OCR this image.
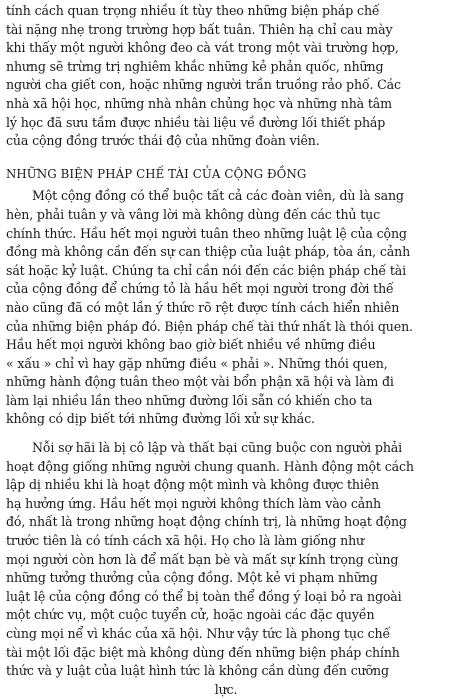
tính cách quan trọng nhiều ít tùy theo những biện pháp chế
tài nặng nhẹ trong trường hợp bất tuân. Thiên hạ chỉ cau mày
khi thấy một người không đeo cà vát trong một vài trường hợp,
nhưng sẽ trừng trị nghiêm khắc những kẻ phản quốc, những
người cha giết con, hoặc những người trần truồng rảo phố. Các
nhà xã hội học, những nhà nhân chủng học và những nhà tâm
lý học đã sưu tầm được nhiều tài liệu về đường lối thiết pháp
của cộng đồng trước thái độ của những đoàn viên.
NHỮNG BIỆN PHÁP CHẾ TÀI CỦA CỘNG ĐỒNG
Một cộng đồng có thể buộc tất cả các đoàn viên, dù là sang
hèn, phải tuân y và vâng lời mà không dùng đến các thủ tục
chính thức. Hầu hết mọi người tuân theo những luật lệ của cộng
đồng mà không cần đến sự can thiệp của luật pháp, tòa án, cảnh
sát hoặc kỷ luật. Chúng ta chỉ cần nói đến các biện pháp chế tài
của cộng đồng để chứng tỏ là hầu hết mọi người trong đời thế
nào cũng đã có một lần ý thức rõ rệt được tính cách hiển nhiên
của những biện pháp đó. Biện pháp chế tài thứ nhất là thói quen.
Hầu hết mọi người không bao giờ biết nhiều về những điều
« xấu » chỉ vì hay gặp những điều « phải ». Những thói quen,
những hành động tuân theo một vài bổn phận xã hội và làm đi
làm lại nhiều lần theo những đường lối sẵn có khiến cho ta
không có dịp biết tới những đường lối xử sự khác.
Nỗi sợ hãi là bị cô lập và thất bại cũng buộc con người phải
hoạt động giống những người chung quanh. Hành động một cách
lập dị nhiều khi là hoạt động một mình và không được thiên
hạ hưởng ứng. Hầu hết mọi người không thích làm vào cảnh
đó, nhất là trong những hoạt động chính trị, là những hoạt động
trước tiên là có tính cách xã hội. Họ cho là làm giống như
mọi người còn hơn là để mất bạn bè và mất sự kính trọng cùng
những tưởng thưởng của cộng đồng. Một kẻ vi phạm những
luật lệ của cộng đồng có thể bị toàn thể đồng ý loại bỏ ra ngoài
một chức vụ, một cuộc tuyển cử, hoặc ngoài các đặc quyền
cùng mọi nể vì khác của xã hội. Như vậy tức là phong tục chế
tài một lối đặc biệt mà không dùng đến những biện pháp chính
thức và y luật của luật hình tức là không cần dùng đến cưỡng
lực.
